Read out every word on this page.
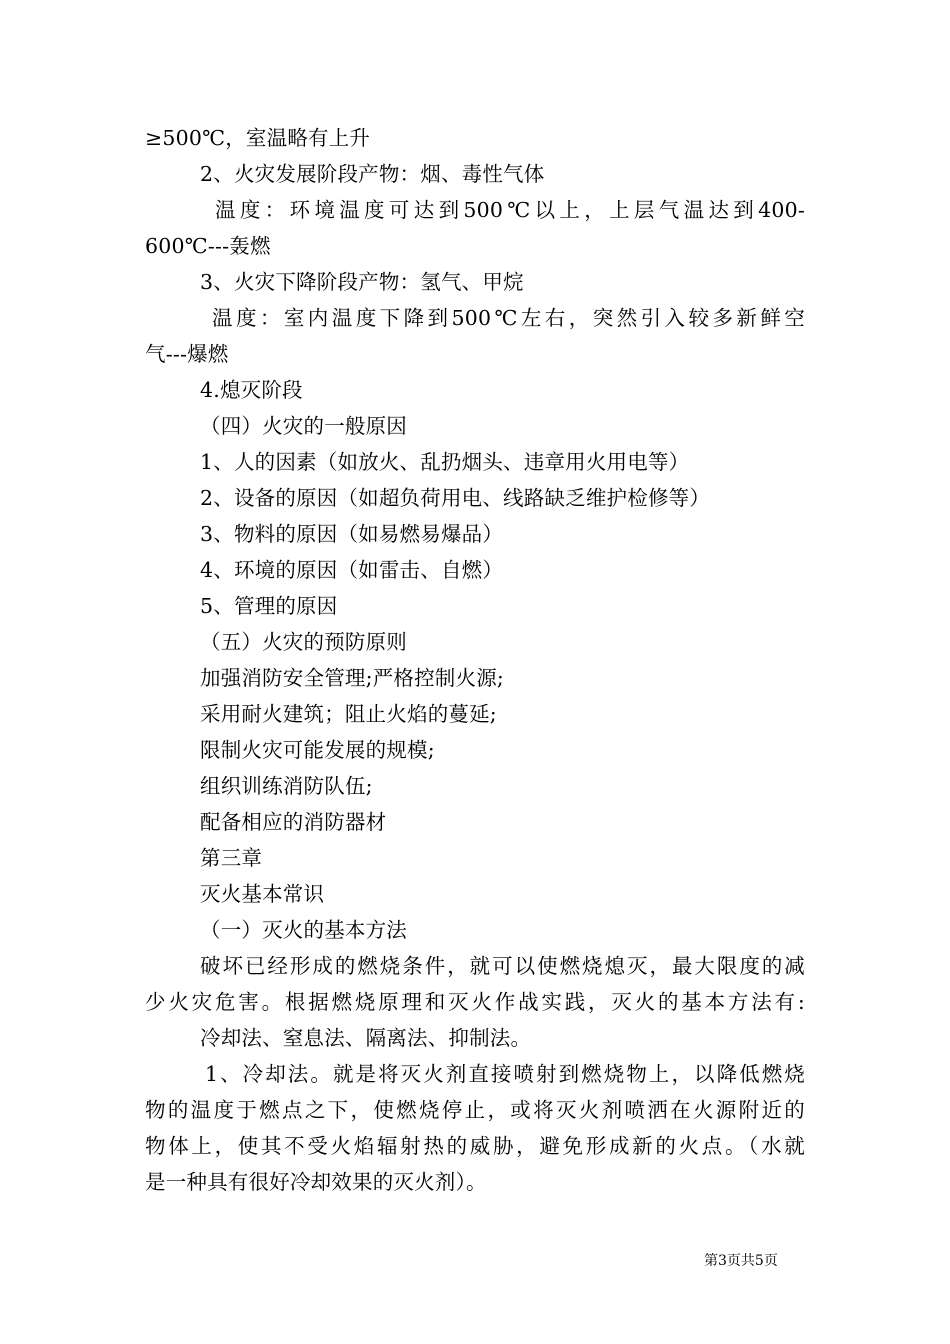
≥500℃，室温略有上升
2、火灾发展阶段产物：烟、毒性气体
温度：环境温度可达到500℃以上，上层气温达到400-
600℃---轰燃
3、火灾下降阶段产物：氢气、甲烷
温度：室内温度下降到500℃左右，突然引入较多新鲜空
气---爆燃
4.熄灭阶段
（四）火灾的一般原因
1、人的因素（如放火、乱扔烟头、违章用火用电等）
2、设备的原因（如超负荷用电、线路缺乏维护检修等）
3、物料的原因（如易燃易爆品）
4、环境的原因（如雷击、自燃）
5、管理的原因
（五）火灾的预防原则
加强消防安全管理;严格控制火源;
采用耐火建筑；阻止火焰的蔓延;
限制火灾可能发展的规模;
组织训练消防队伍;
配备相应的消防器材
第三章
灭火基本常识
（一）灭火的基本方法
破坏已经形成的燃烧条件，就可以使燃烧熄灭，最大限度的减
少火灾危害。根据燃烧原理和灭火作战实践，灭火的基本方法有:
冷却法、窒息法、隔离法、抑制法。
1、冷却法。就是将灭火剂直接喷射到燃烧物上，以降低燃烧
物的温度于燃点之下，使燃烧停止，或将灭火剂喷洒在火源附近的
物体上，使其不受火焰辐射热的威胁，避免形成新的火点。（水就
是一种具有很好冷却效果的灭火剂）。
第3页共5页
